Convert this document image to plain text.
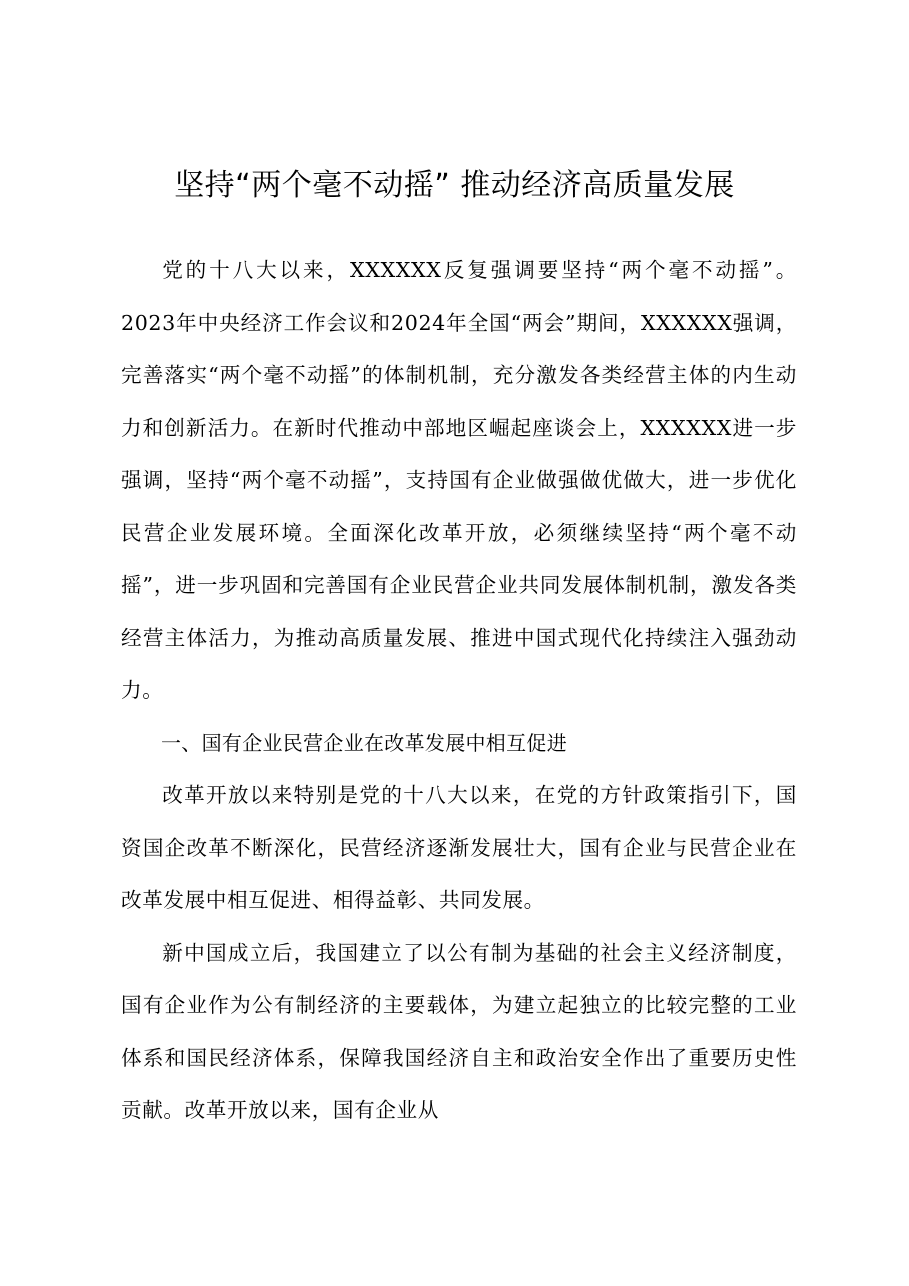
坚持“两个毫不动摇” 推动经济高质量发展

党的十八大以来，XXXXXX反复强调要坚持“两个毫不动摇”。2023年中央经济工作会议和2024年全国“两会”期间，XXXXXX强调，完善落实“两个毫不动摇”的体制机制，充分激发各类经营主体的内生动力和创新活力。在新时代推动中部地区崛起座谈会上，XXXXXX进一步强调，坚持“两个毫不动摇”，支持国有企业做强做优做大，进一步优化民营企业发展环境。全面深化改革开放，必须继续坚持“两个毫不动摇”，进一步巩固和完善国有企业民营企业共同发展体制机制，激发各类经营主体活力，为推动高质量发展、推进中国式现代化持续注入强劲动力。

一、国有企业民营企业在改革发展中相互促进

改革开放以来特别是党的十八大以来，在党的方针政策指引下，国资国企改革不断深化，民营经济逐渐发展壮大，国有企业与民营企业在改革发展中相互促进、相得益彰、共同发展。

新中国成立后，我国建立了以公有制为基础的社会主义经济制度，国有企业作为公有制经济的主要载体，为建立起独立的比较完整的工业体系和国民经济体系，保障我国经济自主和政治安全作出了重要历史性贡献。改革开放以来，国有企业从
